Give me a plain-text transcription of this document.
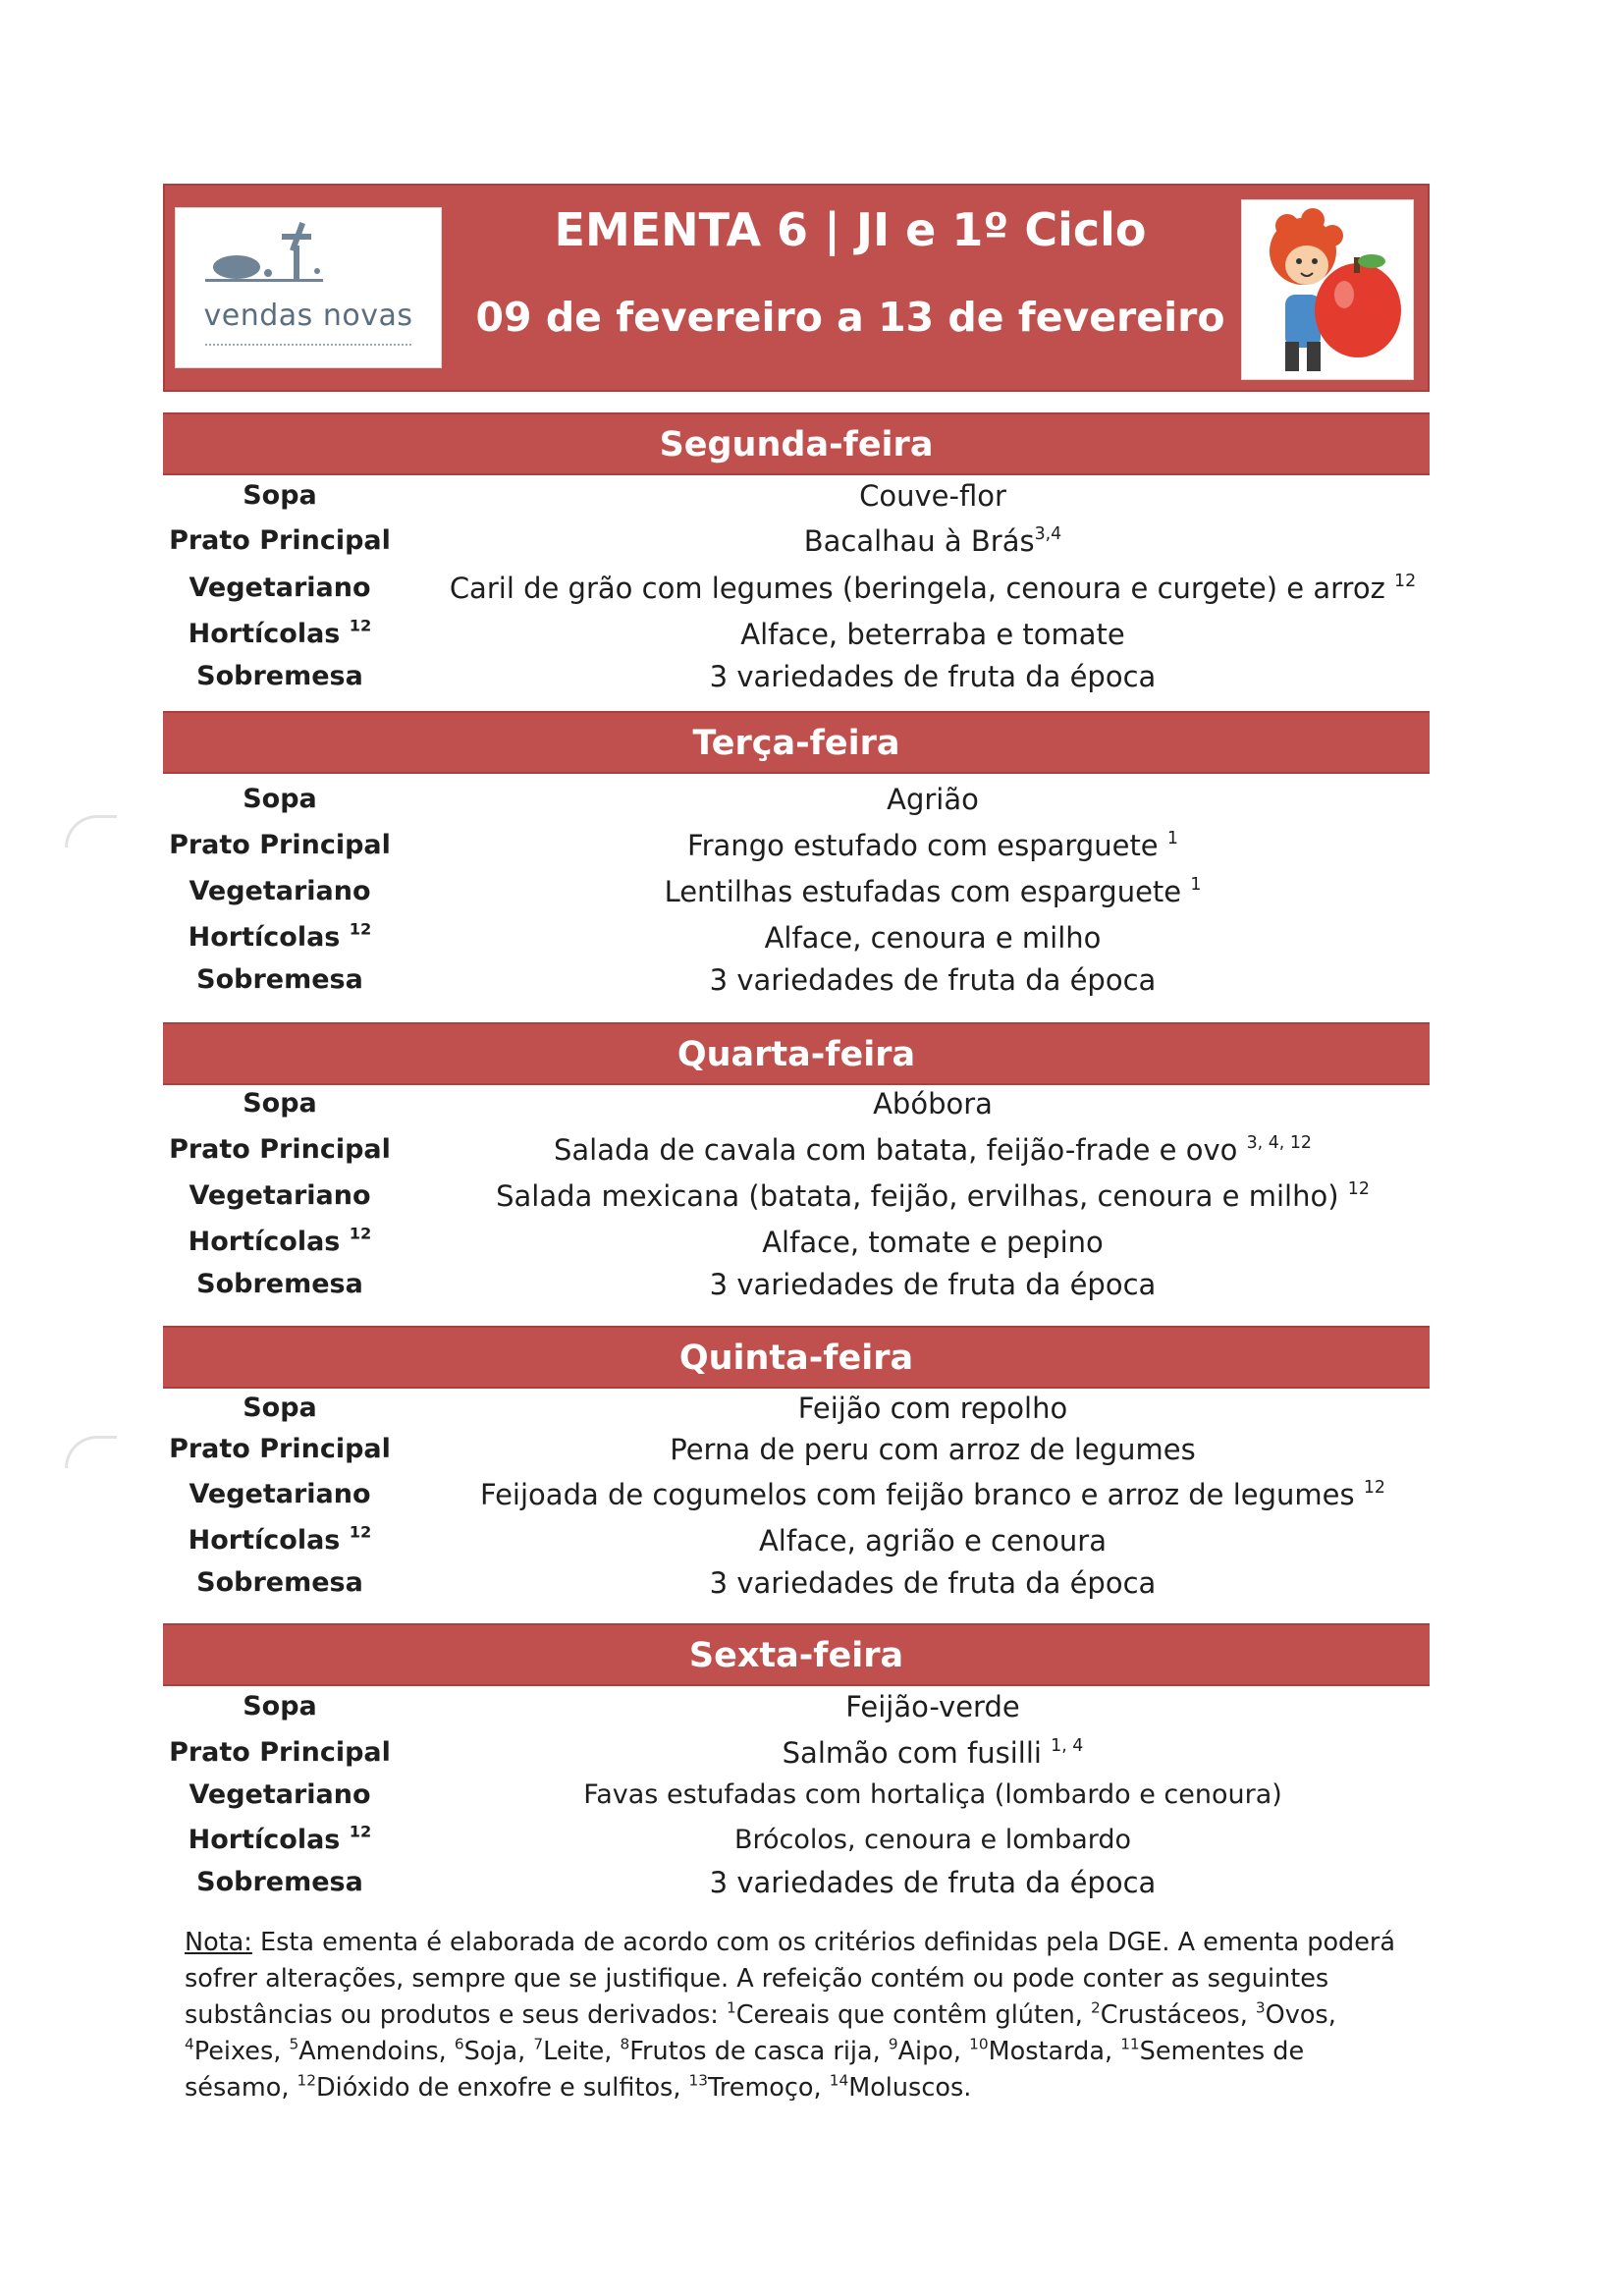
vendas novas
EMENTA 6 | JI e 1º Ciclo
09 de fevereiro a 13 de fevereiro
Segunda-feira
Sopa	Couve-flor
Prato Principal	Bacalhau à Brás$^{3,4}$
Vegetariano	Caril de grão com legumes (beringela, cenoura e curgete) e arroz $^{12}$
Hortícolas $^{12}$	Alface, beterraba e tomate
Sobremesa	3 variedades de fruta da época
Terça-feira
Sopa	Agrião
Prato Principal	Frango estufado com esparguete $^1$
Vegetariano	Lentilhas estufadas com esparguete $^1$
Hortícolas $^{12}$	Alface, cenoura e milho
Sobremesa	3 variedades de fruta da época
Quarta-feira
Sopa	Abóbora
Prato Principal	Salada de cavala com batata, feijão-frade e ovo $^{3, 4, 12}$
Vegetariano	Salada mexicana (batata, feijão, ervilhas, cenoura e milho) $^{12}$
Hortícolas $^{12}$	Alface, tomate e pepino
Sobremesa	3 variedades de fruta da época
Quinta-feira
Sopa	Feijão com repolho
Prato Principal	Perna de peru com arroz de legumes
Vegetariano	Feijoada de cogumelos com feijão branco e arroz de legumes $^{12}$
Hortícolas $^{12}$	Alface, agrião e cenoura
Sobremesa	3 variedades de fruta da época
Sexta-feira
Sopa	Feijão-verde
Prato Principal	Salmão com fusilli $^{1, 4}$
Vegetariano	Favas estufadas com hortaliça (lombardo e cenoura)
Hortícolas $^{12}$	Brócolos, cenoura e lombardo
Sobremesa	3 variedades de fruta da época
Nota: Esta ementa é elaborada de acordo com os critérios definidas pela DGE. A ementa poderá sofrer alterações, sempre que se justifique. A refeição contém ou pode conter as seguintes substâncias ou produtos e seus derivados: $^1$Cereais que contêm glúten, $^2$Crustáceos, $^3$Ovos, $^4$Peixes, $^5$Amendoins, $^6$Soja, $^7$Leite, $^8$Frutos de casca rija, $^9$Aipo, $^{10}$Mostarda, $^{11}$Sementes de sésamo, $^{12}$Dióxido de enxofre e sulfitos, $^{13}$Tremoço, $^{14}$Moluscos.
